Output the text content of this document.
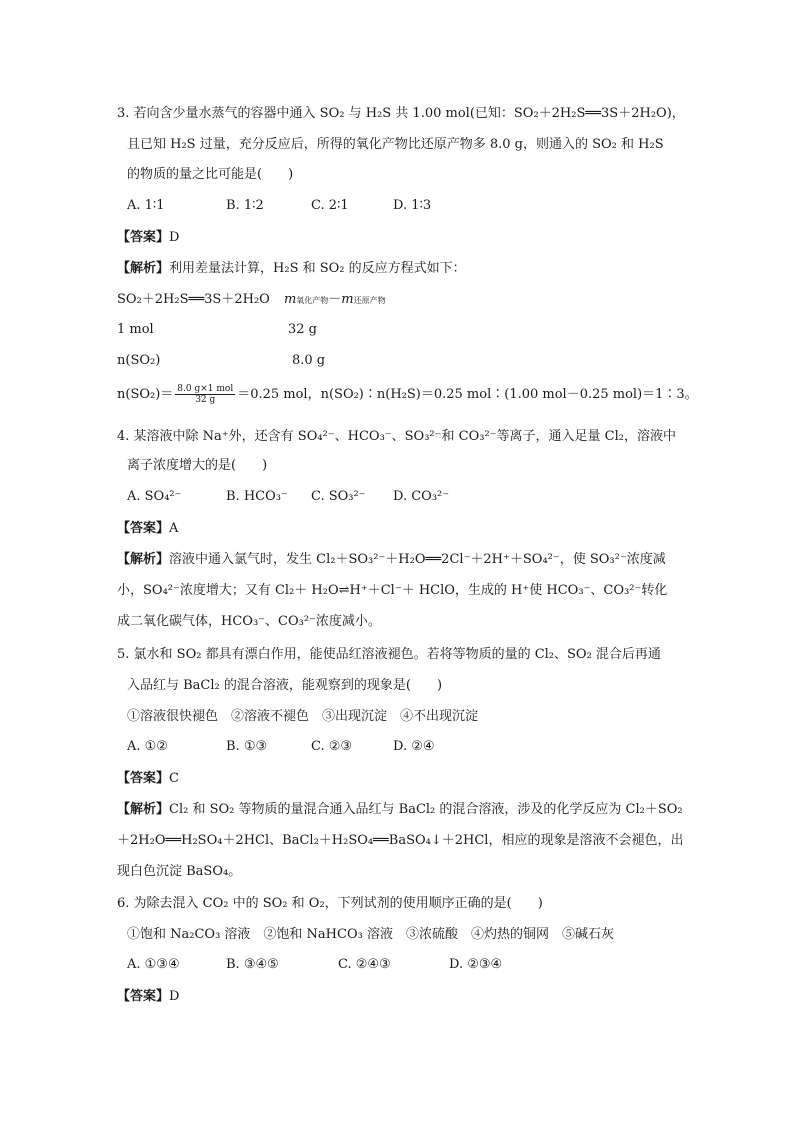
3. 若向含少量水蒸气的容器中通入 SO₂ 与 H₂S 共 1.00 mol(已知：SO₂＋2H₂S══3S＋2H₂O)，
且已知 H₂S 过量，充分反应后，所得的氧化产物比还原产物多 8.0 g，则通入的 SO₂ 和 H₂S
的物质的量之比可能是(　　)
A. 1∶1	B. 1∶2	C. 2∶1	D. 1∶3
【答案】D
【解析】利用差量法计算，H₂S 和 SO₂ 的反应方程式如下：
SO₂＋2H₂S══3S＋2H₂O m氧化产物－m还原产物
1 mol	32 g
n(SO₂)	8.0 g
$n(SO_2)= \frac{\text{8.0 g×1 mol}}{32 g} =0.25$ mol，n(SO₂)∶n(H₂S)＝0.25 mol∶(1.00 mol－0.25 mol)＝1∶3。
4. 某溶液中除 Na⁺外，还含有 SO₄²⁻、HCO₃⁻、SO₃²⁻和 CO₃²⁻等离子，通入足量 Cl₂，溶液中
离子浓度增大的是(　　)
A. SO₄²⁻	B. HCO₃⁻ C. SO₃²⁻ D. CO₃²⁻
【答案】A
【解析】溶液中通入氯气时，发生 Cl₂＋SO₃²⁻＋H₂O══2Cl⁻＋2H⁺＋SO₄²⁻，使 SO₃²⁻浓度减
小，SO₄²⁻浓度增大；又有 Cl₂＋ H₂O⇌H⁺＋Cl⁻＋ HClO，生成的 H⁺使 HCO₃⁻、CO₃²⁻转化
成二氧化碳气体，HCO₃⁻、CO₃²⁻浓度减小。
5. 氯水和 SO₂ 都具有漂白作用，能使品红溶液褪色。若将等物质的量的 Cl₂、SO₂ 混合后再通
入品红与 BaCl₂ 的混合溶液，能观察到的现象是(　　)
①溶液很快褪色　②溶液不褪色　③出现沉淀　④不出现沉淀
A. ①②	B. ①③	C. ②③	D. ②④
【答案】C
【解析】Cl₂ 和 SO₂ 等物质的量混合通入品红与 BaCl₂ 的混合溶液，涉及的化学反应为 Cl₂＋SO₂
＋2H₂O══H₂SO₄＋2HCl、BaCl₂＋H₂SO₄══BaSO₄↓＋2HCl，相应的现象是溶液不会褪色，出
现白色沉淀 BaSO₄。
6. 为除去混入 CO₂ 中的 SO₂ 和 O₂，下列试剂的使用顺序正确的是(　　)
①饱和 Na₂CO₃ 溶液　②饱和 NaHCO₃ 溶液　③浓硫酸　④灼热的铜网　⑤碱石灰
A. ①③④	B. ③④⑤	C. ②④③	D. ②③④
【答案】D
